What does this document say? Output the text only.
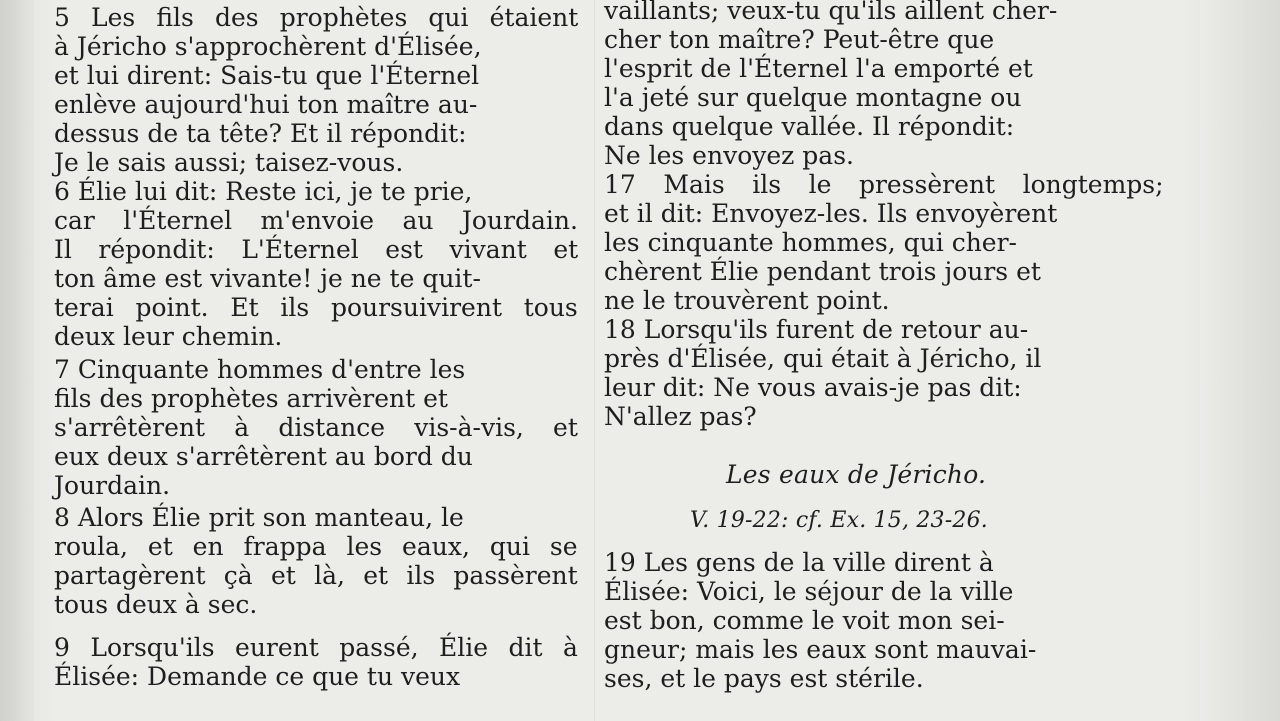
5 Les fils des prophètes qui étaient
à Jéricho s'approchèrent d'Élisée,
et lui dirent: Sais-tu que l'Éternel
enlève aujourd'hui ton maître au-
dessus de ta tête? Et il répondit:
Je le sais aussi; taisez-vous.
6 Élie lui dit: Reste ici, je te prie,
car l'Éternel m'envoie au Jourdain.
Il répondit: L'Éternel est vivant et
ton âme est vivante! je ne te quit-
terai point. Et ils poursuivirent tous
deux leur chemin.
7 Cinquante hommes d'entre les
fils des prophètes arrivèrent et
s'arrêtèrent à distance vis-à-vis, et
eux deux s'arrêtèrent au bord du
Jourdain.
8 Alors Élie prit son manteau, le
roula, et en frappa les eaux, qui se
partagèrent çà et là, et ils passèrent
tous deux à sec.
9 Lorsqu'ils eurent passé, Élie dit à
Élisée: Demande ce que tu veux
vaillants; veux-tu qu'ils aillent cher-
cher ton maître? Peut-être que
l'esprit de l'Éternel l'a emporté et
l'a jeté sur quelque montagne ou
dans quelque vallée. Il répondit:
Ne les envoyez pas.
17 Mais ils le pressèrent longtemps;
et il dit: Envoyez-les. Ils envoyèrent
les cinquante hommes, qui cher-
chèrent Élie pendant trois jours et
ne le trouvèrent point.
18 Lorsqu'ils furent de retour au-
près d'Élisée, qui était à Jéricho, il
leur dit: Ne vous avais-je pas dit:
N'allez pas?
Les eaux de Jéricho.
V. 19-22: cf. Ex. 15, 23-26.
19 Les gens de la ville dirent à
Élisée: Voici, le séjour de la ville
est bon, comme le voit mon sei-
gneur; mais les eaux sont mauvai-
ses, et le pays est stérile.
